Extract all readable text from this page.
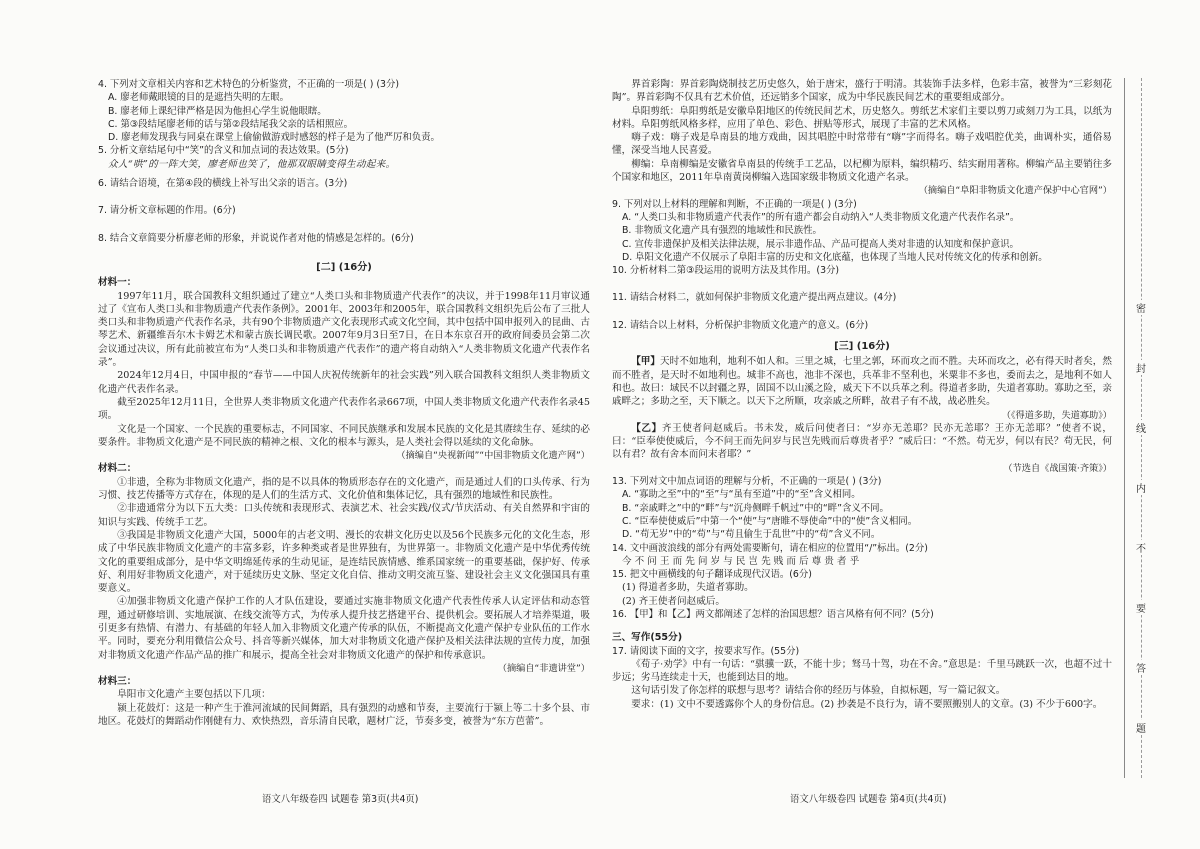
4. 下列对文章相关内容和艺术特色的分析鉴赏，不正确的一项是( ) (3分)

A. 廖老师戴眼镜的目的是遮挡失明的左眼。

B. 廖老师上课纪律严格是因为他担心学生说他眼瞎。

C. 第③段结尾廖老师的话与第②段结尾我父亲的话相照应。

D. 廖老师发现我与同桌在课堂上偷偷做游戏时感怒的样子是为了他严厉和负责。

5. 分析文章结尾句中“笑”的含义和加点词的表达效果。(5分)

众人“哄”的一阵大笑，廖老师也笑了，他那双眼睛变得生动起来。

6. 请结合语境，在第④段的横线上补写出父亲的语言。(3分)

7. 请分析文章标题的作用。(6分)

8. 结合文章简要分析廖老师的形象，并说说作者对他的情感是怎样的。(6分)

[二] (16分)

材料一：

1997年11月，联合国教科文组织通过了建立“人类口头和非物质遗产代表作”的决议，并于1998年11月审议通过了《宣布人类口头和非物质遗产代表作条例》。2001年、2003年和2005年，联合国教科文组织先后公布了三批人类口头和非物质遗产代表作名录，共有90个非物质遗产文化表现形式或文化空间，其中包括中国申报列入的昆曲、古琴艺术、新疆维吾尔木卡姆艺术和蒙古族长调民歌。2007年9月3日至7日，在日本东京召开的政府间委员会第二次会议通过决议，所有此前被宣布为“人类口头和非物质遗产代表作”的遗产将自动纳入“人类非物质文化遗产代表作名录”。

2024年12月4日，中国申报的“春节——中国人庆祝传统新年的社会实践”列入联合国教科文组织人类非物质文化遗产代表作名录。

截至2025年12月11日，全世界人类非物质文化遗产代表作名录667项，中国人类非物质文化遗产代表作名录45项。

文化是一个国家、一个民族的重要标志，不同国家、不同民族继承和发展本民族的文化是其赓续生存、延续的必要条件。非物质文化遗产是不同民族的精神之根、文化的根本与源头，是人类社会得以延续的文化命脉。

（摘编自“央视新闻”“中国非物质文化遗产网”）

材料二：

①非遗，全称为非物质文化遗产，指的是不以具体的物质形态存在的文化遗产，而是通过人们的口头传承、行为习惯、技艺传播等方式存在，体现的是人们的生活方式、文化价值和集体记忆，具有强烈的地域性和民族性。

②非遗通常分为以下五大类：口头传统和表现形式、表演艺术、社会实践/仪式/节庆活动、有关自然界和宇宙的知识与实践、传统手工艺。

③我国是非物质文化遗产大国，5000年的古老文明、漫长的农耕文化历史以及56个民族多元化的文化生态，形成了中华民族非物质文化遗产的丰富多彩，许多种类或者是世界独有，为世界第一。非物质文化遗产是中华优秀传统文化的重要组成部分，是中华文明绵延传承的生动见证，是连结民族情感、维系国家统一的重要基础，保护好、传承好、利用好非物质文化遗产，对于延续历史文脉、坚定文化自信、推动文明交流互鉴、建设社会主义文化强国具有重要意义。

④加强非物质文化遗产保护工作的人才队伍建设，要通过实施非物质文化遗产代表性传承人认定评估和动态管理，通过研修培训、实地展演、在线交流等方式，为传承人提升技艺搭建平台、提供机会。要拓展人才培养渠道，吸引更多有热情、有潜力、有基础的年轻人加入非物质文化遗产传承的队伍，不断提高文化遗产保护专业队伍的工作水平。同时，要充分利用微信公众号、抖音等新兴媒体，加大对非物质文化遗产保护及相关法律法规的宣传力度，加强对非物质文化遗产作品产品的推广和展示，提高全社会对非物质文化遗产的保护和传承意识。

（摘编自“非遗讲堂”）

材料三：

阜阳市文化遗产主要包括以下几项：

颍上花鼓灯：这是一种产生于淮河流域的民间舞蹈，具有强烈的动感和节奏，主要流行于颍上等二十多个县、市地区。花鼓灯的舞蹈动作刚健有力、欢快热烈，音乐清自民歌，题材广泛，节奏多变，被誉为“东方芭蕾”。

语文八年级卷四 试题卷 第3页(共4页)

界首彩陶：界首彩陶烧制技艺历史悠久，始于唐宋，盛行于明清。其装饰手法多样，色彩丰富，被誉为“三彩刻花陶”。界首彩陶不仅具有艺术价值，还远销多个国家，成为中华民族民间艺术的重要组成部分。

阜阳剪纸：阜阳剪纸是安徽阜阳地区的传统民间艺术，历史悠久。剪纸艺术家们主要以剪刀或刻刀为工具，以纸为材料。阜阳剪纸风格多样，应用了单色、彩色、拼贴等形式，展现了丰富的艺术风格。

嗨子戏：嗨子戏是阜南县的地方戏曲，因其唱腔中时常带有“嗨”字而得名。嗨子戏唱腔优美，曲调朴实，通俗易懂，深受当地人民喜爱。

柳编：阜南柳编是安徽省阜南县的传统手工艺品，以杞柳为原料，编织精巧、结实耐用著称。柳编产品主要销往多个国家和地区，2011年阜南黄岗柳编入选国家级非物质文化遗产名录。

（摘编自“阜阳非物质文化遗产保护中心官网”）

9. 下列对以上材料的理解和判断，不正确的一项是( ) (3分)

A. “人类口头和非物质遗产代表作”的所有遗产都会自动纳入“人类非物质文化遗产代表作名录”。

B. 非物质文化遗产具有强烈的地域性和民族性。

C. 宣传非遗保护及相关法律法规，展示非遗作品、产品可提高人类对非遗的认知度和保护意识。

D. 阜阳文化遗产不仅展示了阜阳丰富的历史和文化底蕴，也体现了当地人民对传统文化的传承和创新。

10. 分析材料二第③段运用的说明方法及其作用。(3分)

11. 请结合材料二，就如何保护非物质文化遗产提出两点建议。(4分)

12. 请结合以上材料，分析保护非物质文化遗产的意义。(6分)

[三] (16分)

【甲】天时不如地利，地利不如人和。三里之城，七里之郭，环而攻之而不胜。夫环而攻之，必有得天时者矣，然而不胜者，是天时不如地利也。城非不高也，池非不深也，兵革非不坚利也，米粟非不多也，委而去之，是地利不如人和也。故曰：域民不以封疆之界，固国不以山溪之险，威天下不以兵革之利。得道者多助，失道者寡助。寡助之至，亲戚畔之；多助之至，天下顺之。以天下之所顺，攻亲戚之所畔，故君子有不战，战必胜矣。

（《得道多助，失道寡助》）

【乙】齐王使者问赵威后。书未发，威后问使者曰：“岁亦无恙耶？民亦无恙耶？王亦无恙耶？”使者不说，曰：“臣奉使使威后，今不问王而先问岁与民岂先贱而后尊贵者乎？”威后曰：“不然。苟无岁，何以有民？苟无民，何以有君？故有舍本而问末者耶？”

（节选自《战国策·齐策》）

13. 下列对文中加点词语的理解与分析，不正确的一项是( ) (3分)

A. “寡助之至”中的“至”与“虽有至道”中的“至”含义相同。

B. “亲戚畔之”中的“畔”与“沉舟侧畔千帆过”中的“畔”含义不同。

C. “臣奉使使威后”中第一个“使”与“唐睢不辱使命”中的“使”含义相同。

D. “苟无岁”中的“苟”与“苟且偷生于乱世”中的“苟”含义不同。

14. 文中画波浪线的部分有两处需要断句，请在相应的位置用“/”标出。(2分)

今 不 问 王 而 先 问 岁 与 民 岂 先 贱 而 后 尊 贵 者 乎

15. 把文中画横线的句子翻译成现代汉语。(6分)

(1) 得道者多助，失道者寡助。

(2) 齐王使者问赵威后。

16. 【甲】和【乙】两文都阐述了怎样的治国思想？语言风格有何不同？(5分)

三、写作(55分)

17. 请阅读下面的文字，按要求写作。(55分)

《荀子·劝学》中有一句话：“骐骥一跃，不能十步；驽马十驾，功在不舍。”意思是：千里马跳跃一次，也超不过十步远；劣马连续走十天，也能到达目的地。

这句话引发了你怎样的联想与思考？请结合你的经历与体验，自拟标题，写一篇记叙文。

要求：(1) 文中不要透露你个人的身份信息。(2) 抄袭是不良行为，请不要照搬别人的文章。(3) 不少于600字。

语文八年级卷四 试题卷 第4页(共4页)
密
封
线
内
不
要
答
题
